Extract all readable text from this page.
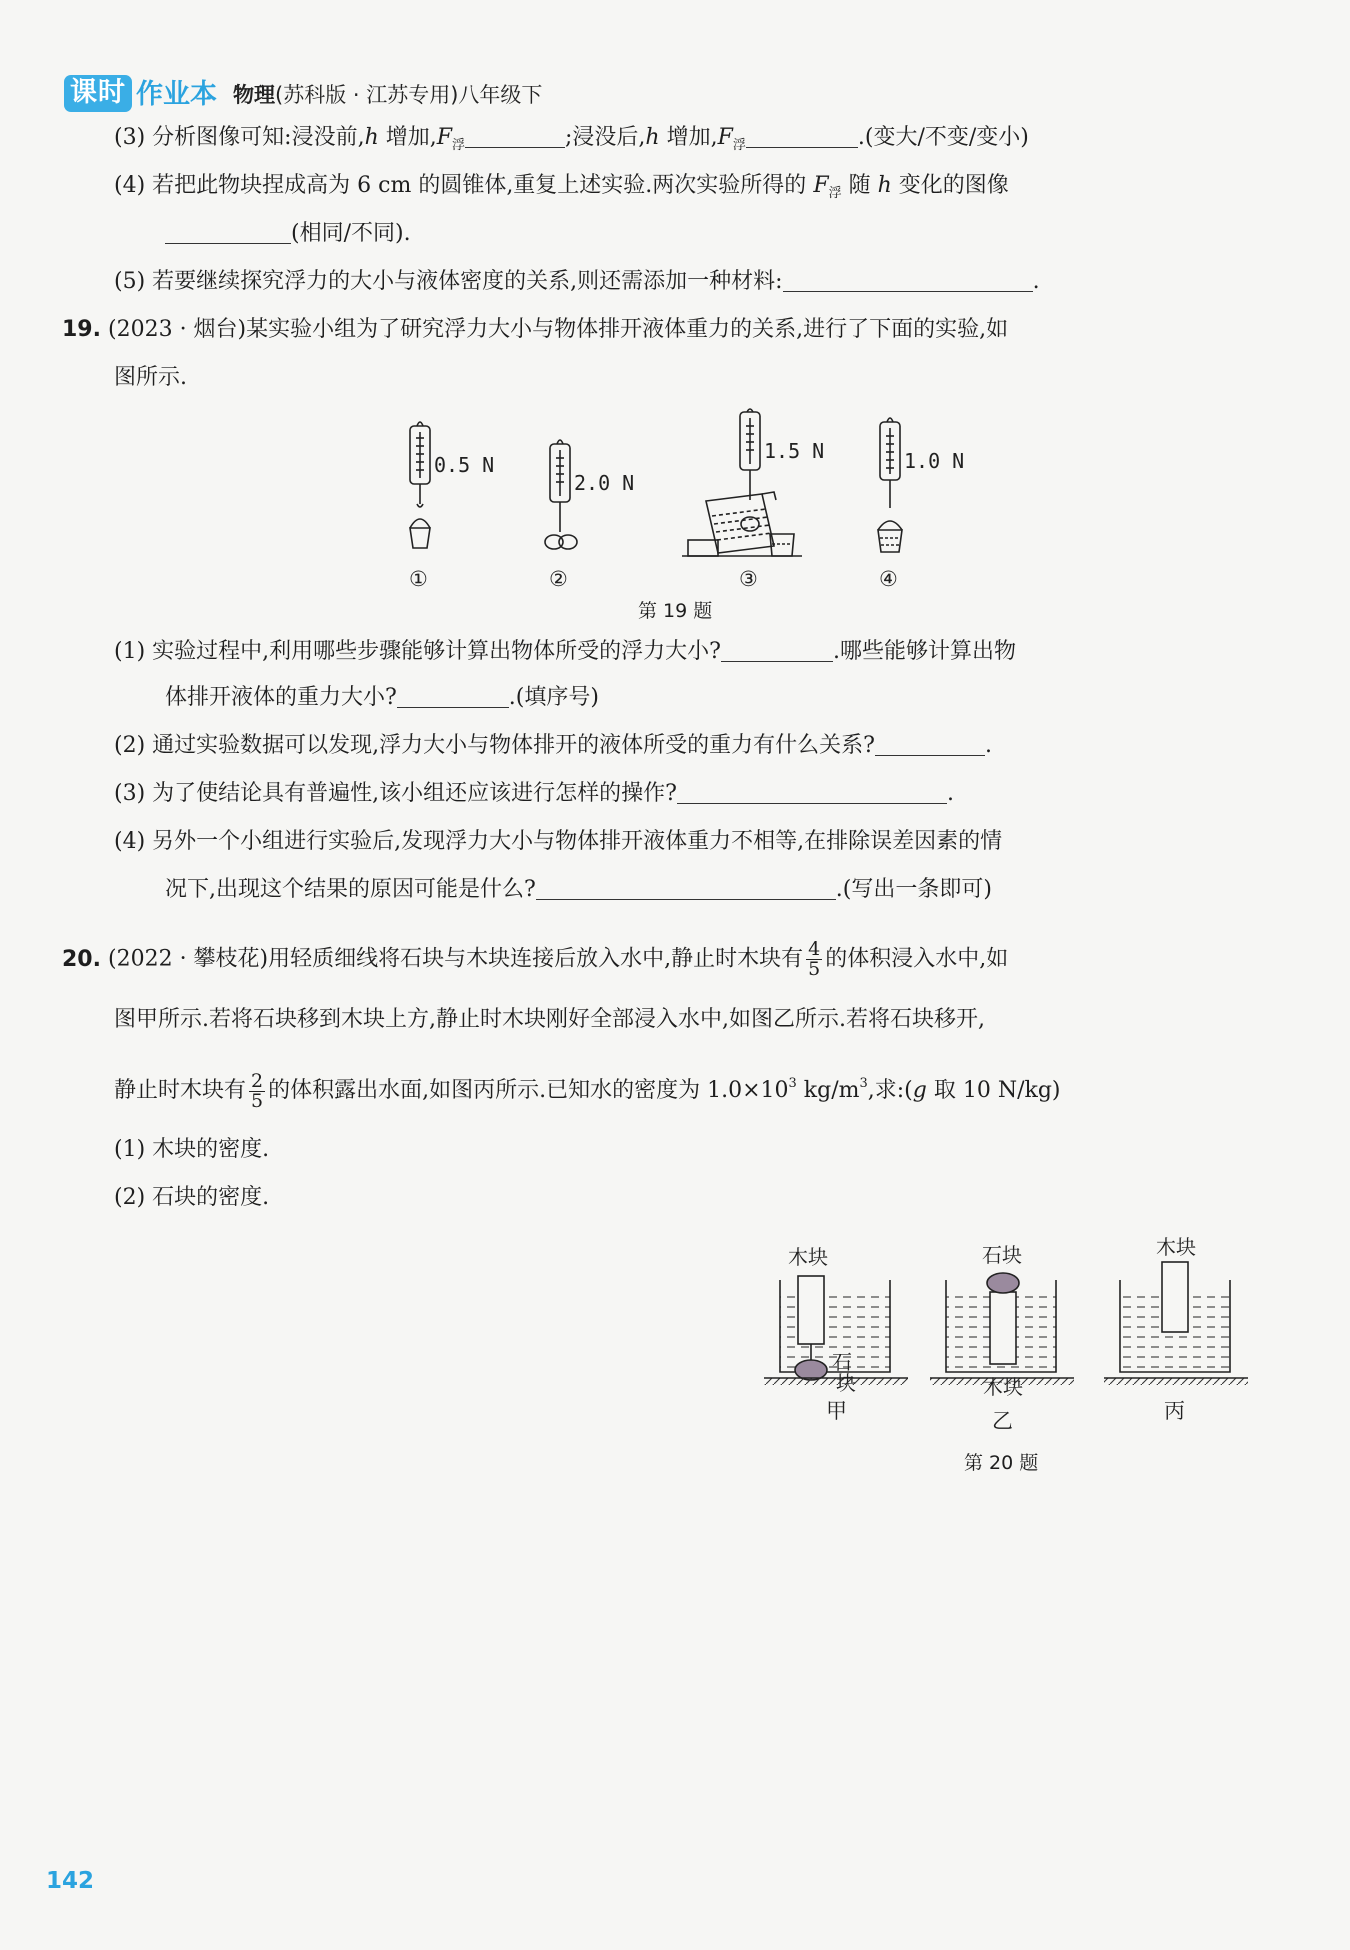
课时 作业本 物理(苏科版 · 江苏专用)八年级下
(3) 分析图像可知:浸没前,h 增加$,F_浮$	;浸没后,h 增加$,F_浮$	.(变大/不变/变小)
(4) 若把此物块捏成高为 6 cm 的圆锥体,重复上述实验.两次实验所得的 $F_浮$ 随 h 变化的图像
(相同/不同).
(5) 若要继续探究浮力的大小与液体密度的关系,则还需添加一种材料:	.
19. (2023 · 烟台)某实验小组为了研究浮力大小与物体排开液体重力的关系,进行了下面的实验,如
图所示.
0.5 N
2.0 N
1.5 N	1.0 N
①	②	③	④
第 19 题
(1) 实验过程中,利用哪些步骤能够计算出物体所受的浮力大小?	.哪些能够计算出物
体排开液体的重力大小?	.(填序号)
(2) 通过实验数据可以发现,浮力大小与物体排开的液体所受的重力有什么关系?	.
(3) 为了使结论具有普遍性,该小组还应该进行怎样的操作?	.
(4) 另外一个小组进行实验后,发现浮力大小与物体排开液体重力不相等,在排除误差因素的情
况下,出现这个结果的原因可能是什么?	.(写出一条即可)
20. (2022 · 攀枝花)用轻质细线将石块与木块连接后放入水中,静止时木块有 $\frac{4}{5}$ 的体积浸入水中,如
图甲所示.若将石块移到木块上方,静止时木块刚好全部浸入水中,如图乙所示.若将石块移开,
静止时木块有 $\frac{2}{5}$ 的体积露出水面,如图丙所示.已知水的密度为 $1.0\times 10^3$ $kg/m^3$,求:(g 取 10 N/kg)
(1) 木块的密度.
(2) 石块的密度.
木块
石
块
石块
木块
木块
甲	乙	丙
第 20 题
142
